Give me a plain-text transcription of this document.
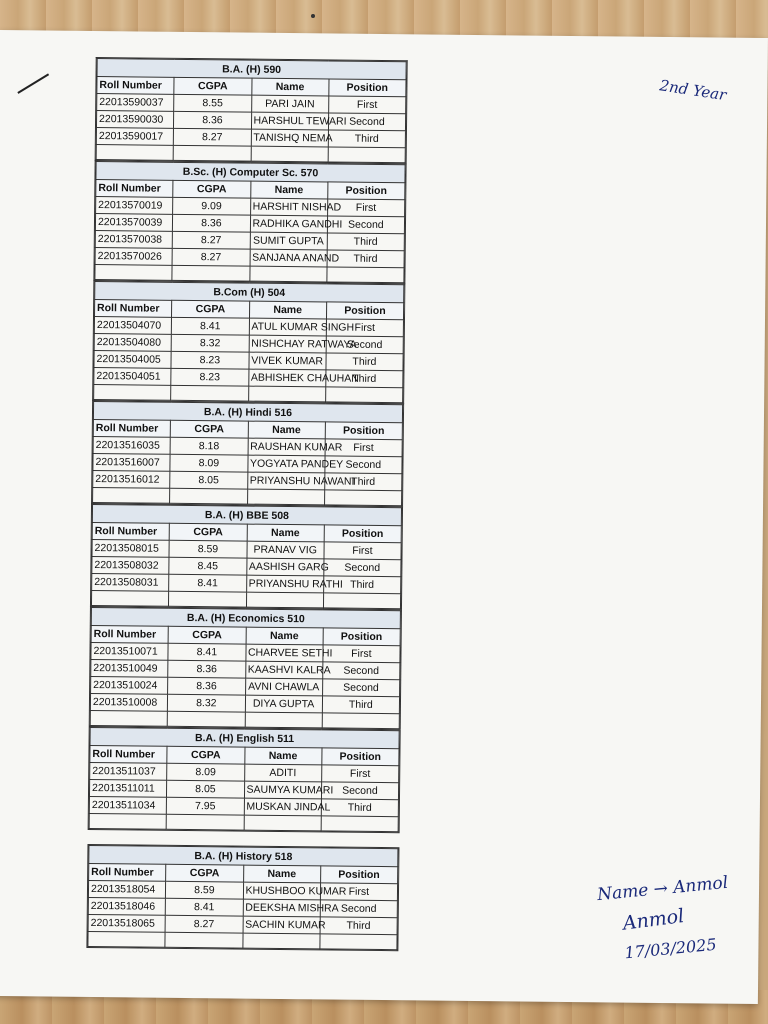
B.A. (H) 590			
Roll Number	CGPA	Name	Position
22013590037	8.55	PARI JAIN	First
22013590030	8.36	HARSHUL TEWARI	Second
22013590017	8.27	TANISHQ NEMA	Third

B.Sc. (H) Computer Sc. 570			
Roll Number	CGPA	Name	Position
22013570019	9.09	HARSHIT NISHAD	First
22013570039	8.36	RADHIKA GANDHI	Second
22013570038	8.27	SUMIT GUPTA	Third
22013570026	8.27	SANJANA ANAND	Third

B.Com (H) 504			
Roll Number	CGPA	Name	Position
22013504070	8.41	ATUL KUMAR SINGH	First
22013504080	8.32	NISHCHAY RATWAYA	Second
22013504005	8.23	VIVEK KUMAR	Third
22013504051	8.23	ABHISHEK CHAUHAN	Third

B.A. (H) Hindi 516			
Roll Number	CGPA	Name	Position
22013516035	8.18	RAUSHAN KUMAR	First
22013516007	8.09	YOGYATA PANDEY	Second
22013516012	8.05	PRIYANSHU NAWANI	Third

B.A. (H) BBE 508			
Roll Number	CGPA	Name	Position
22013508015	8.59	PRANAV VIG	First
22013508032	8.45	AASHISH GARG	Second
22013508031	8.41	PRIYANSHU RATHI	Third

B.A. (H) Economics 510			
Roll Number	CGPA	Name	Position
22013510071	8.41	CHARVEE SETHI	First
22013510049	8.36	KAASHVI KALRA	Second
22013510024	8.36	AVNI CHAWLA	Second
22013510008	8.32	DIYA GUPTA	Third

B.A. (H) English 511			
Roll Number	CGPA	Name	Position
22013511037	8.09	ADITI	First
22013511011	8.05	SAUMYA KUMARI	Second
22013511034	7.95	MUSKAN JINDAL	Third

B.A. (H) History 518			
Roll Number	CGPA	Name	Position
22013518054	8.59	KHUSHBOO KUMAR	First
22013518046	8.41	DEEKSHA MISHRA	Second
22013518065	8.27	SACHIN KUMAR	Third

2nd Year
Name → Anmol
Anmol
17/03/2025
